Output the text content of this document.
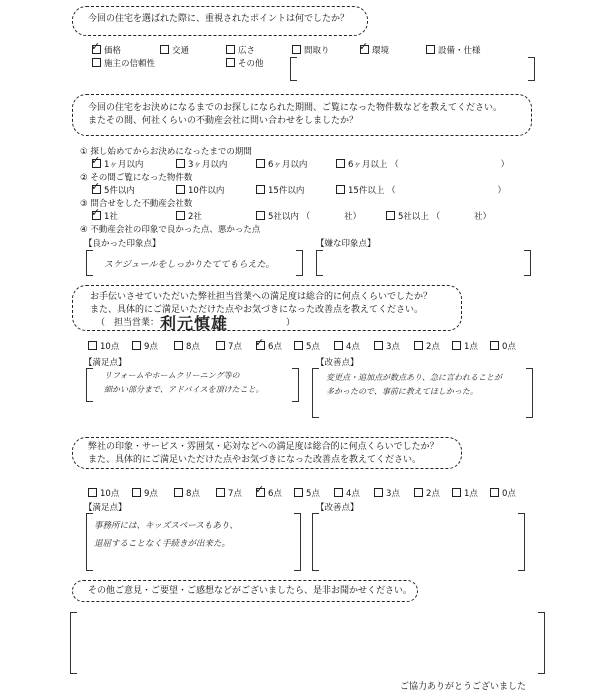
今回の住宅を選ばれた際に、重視されたポイントは何でしたか？
✓ 価格	交通	広さ	間取り	✓ 環境	設備・仕様
施主の信頼性	その他
今回の住宅をお決めになるまでのお探しになられた期間、ご覧になった物件数などを教えてください。
またその間、何社くらいの不動産会社に問い合わせをしましたか？
① 探し始めてからお決めになったまでの期間
✓ 1ヶ月以内	3ヶ月以内	6ヶ月以内	6ヶ月以上 （　　　　　　　　　　　　）
② その間ご覧になった物件数
✓ 5件以内	10件以内	15件以内	15件以上 （　　　　　　　　　　　　）
③ 問合せをした不動産会社数
✓ 1社	2社	5社以内 （　　　　社）	5社以上 （　　　　社）
④ 不動産会社の印象で良かった点、悪かった点
【良かった印象点】	【嫌な印象点】
スケジュールをしっかりたててもらえた。
お手伝いさせていただいた弊社担当営業への満足度は総合的に何点くらいでしたか？
また、具体的にご満足いただけた点やお気づきになった改善点を教えてください。
（　担当営業：	）
利元慎雄
10点	9点	8点	7点 ✓ 6点	5点	4点	3点	2点	1点	0点
【満足点】	【改善点】
リフォームやホームクリーニング等の
細かい部分まで、アドバイスを頂けたこと。
変更点・追加点が数点あり、急に言われることが
多かったので、事前に教えてほしかった。
弊社の印象・サービス・雰囲気・応対などへの満足度は総合的に何点くらいでしたか？
また、具体的にご満足いただけた点やお気づきになった改善点を教えてください。
10点	9点	8点	7点 ✓ 6点	5点	4点	3点	2点	1点	0点
【満足点】	【改善点】
事務所には、キッズスペースもあり、
退屈することなく手続きが出来た。
その他ご意見・ご要望・ご感想などがございましたら、是非お聞かせください。
ご協力ありがとうございました
